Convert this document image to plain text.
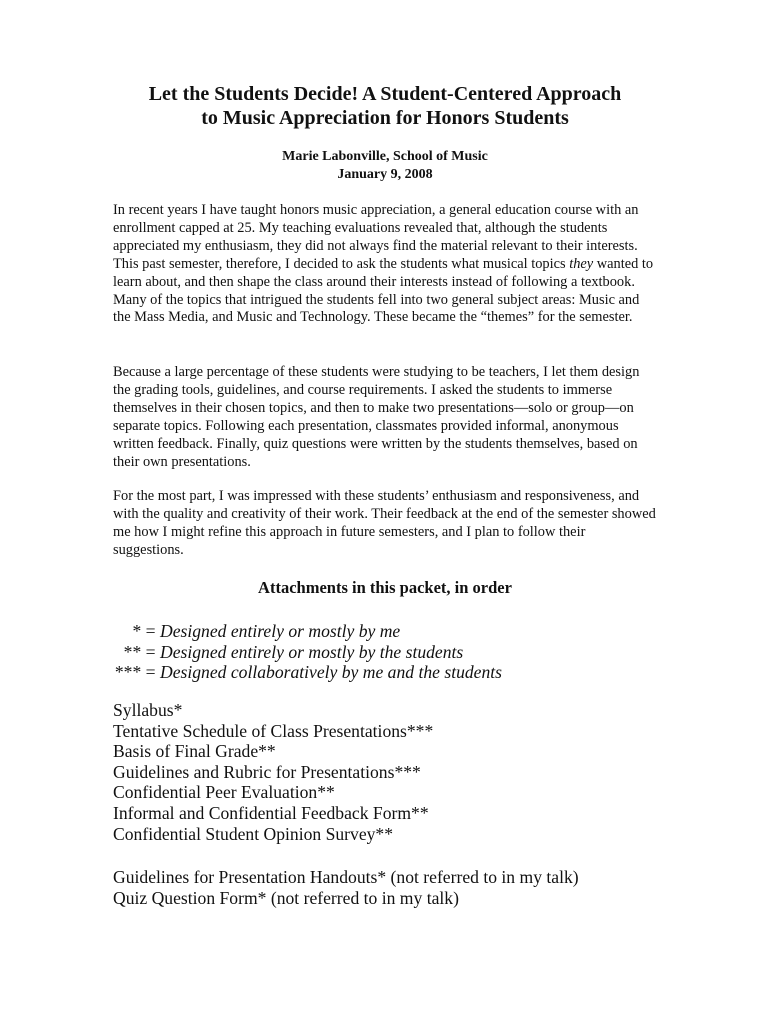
Let the Students Decide! A Student-Centered Approach
to Music Appreciation for Honors Students
Marie Labonville, School of Music
January 9, 2008

In recent years I have taught honors music appreciation, a general education course with an enrollment capped at 25. My teaching evaluations revealed that, although the students appreciated my enthusiasm, they did not always find the material relevant to their interests. This past semester, therefore, I decided to ask the students what musical topics they wanted to learn about, and then shape the class around their interests instead of following a textbook. Many of the topics that intrigued the students fell into two general subject areas: Music and the Mass Media, and Music and Technology. These became the “themes” for the semester.

Because a large percentage of these students were studying to be teachers, I let them design the grading tools, guidelines, and course requirements. I asked the students to immerse themselves in their chosen topics, and then to make two presentations—solo or group—on separate topics. Following each presentation, classmates provided informal, anonymous written feedback. Finally, quiz questions were written by the students themselves, based on their own presentations.

For the most part, I was impressed with these students’ enthusiasm and responsiveness, and with the quality and creativity of their work. Their feedback at the end of the semester showed me how I might refine this approach in future semesters, and I plan to follow their suggestions.

Attachments in this packet, in order
* = Designed entirely or mostly by me
** = Designed entirely or mostly by the students
*** = Designed collaboratively by me and the students
Syllabus*
Tentative Schedule of Class Presentations***
Basis of Final Grade**
Guidelines and Rubric for Presentations***
Confidential Peer Evaluation**
Informal and Confidential Feedback Form**
Confidential Student Opinion Survey**
Guidelines for Presentation Handouts* (not referred to in my talk)
Quiz Question Form* (not referred to in my talk)
